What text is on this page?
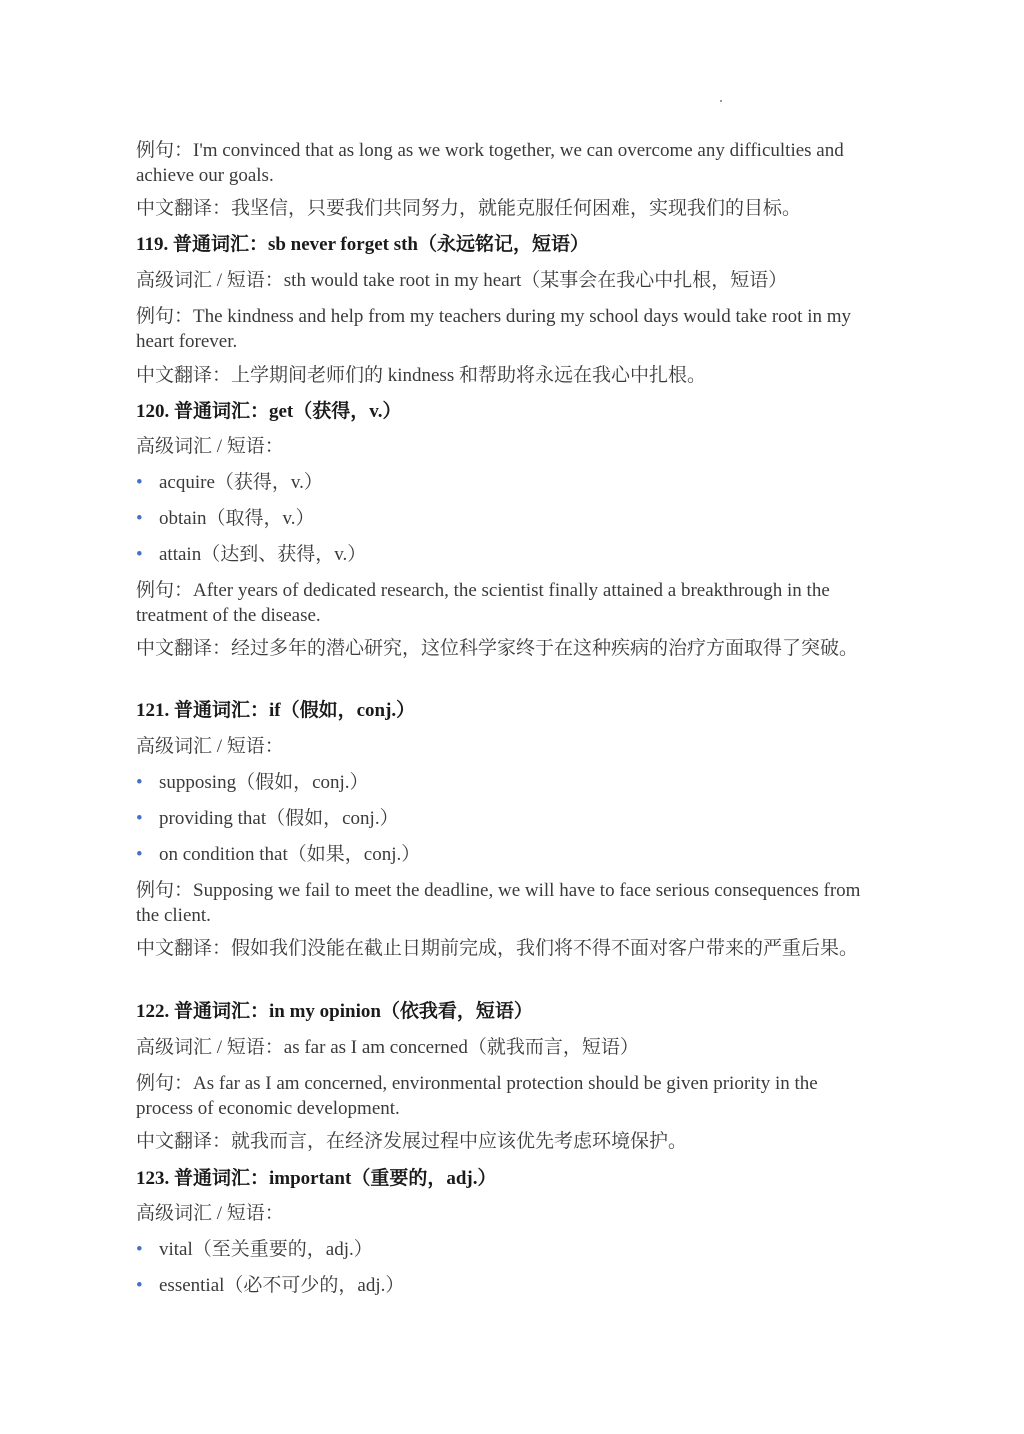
例句：I'm convinced that as long as we work together, we can overcome any difficulties and achieve our goals.

中文翻译：我坚信，只要我们共同努力，就能克服任何困难，实现我们的目标。

119. 普通词汇：sb never forget sth（永远铭记，短语）

高级词汇 / 短语：sth would take root in my heart（某事会在我心中扎根，短语）

例句：The kindness and help from my teachers during my school days would take root in my heart forever.

中文翻译：上学期间老师们的 kindness 和帮助将永远在我心中扎根。

120. 普通词汇：get（获得，v.）

高级词汇 / 短语：

• acquire（获得，v.）

• obtain（取得，v.）

• attain（达到、获得，v.）

例句：After years of dedicated research, the scientist finally attained a breakthrough in the treatment of the disease.

中文翻译：经过多年的潜心研究，这位科学家终于在这种疾病的治疗方面取得了突破。

121. 普通词汇：if（假如，conj.）

高级词汇 / 短语：

• supposing（假如，conj.）

• providing that（假如，conj.）

• on condition that（如果，conj.）

例句：Supposing we fail to meet the deadline, we will have to face serious consequences from the client.

中文翻译：假如我们没能在截止日期前完成，我们将不得不面对客户带来的严重后果。

122. 普通词汇：in my opinion（依我看，短语）

高级词汇 / 短语：as far as I am concerned（就我而言，短语）

例句：As far as I am concerned, environmental protection should be given priority in the process of economic development.

中文翻译：就我而言，在经济发展过程中应该优先考虑环境保护。

123. 普通词汇：important（重要的，adj.）

高级词汇 / 短语：

• vital（至关重要的，adj.）

• essential（必不可少的，adj.）
